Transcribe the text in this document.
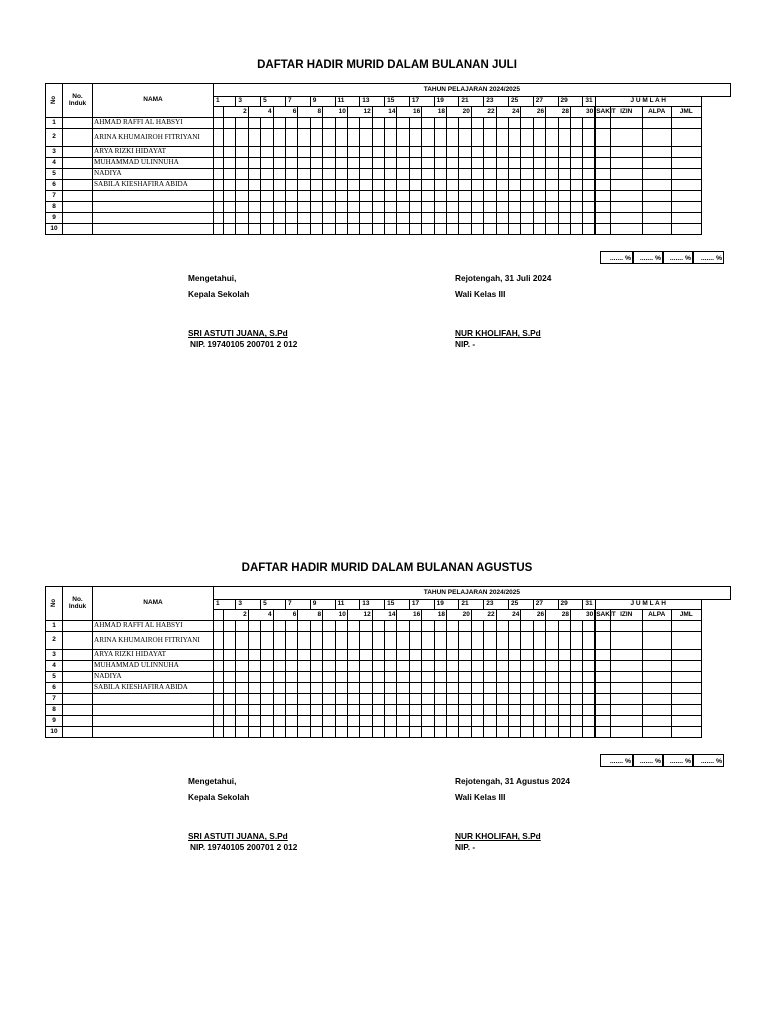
DAFTAR HADIR MURID DALAM BULANAN JULI
No	No. Induk	NAMA	TAHUN PELAJARAN 2024/2025																																		
			1		3		5		7		9		11		13		15		17		19		21		23		25		27		29		31	J U M L A H			
				2		4		6		8		10		12		14		16		18		20		22		24		26		28		30		SAKIT	IZIN	ALPA	JML
1		AHMAD RAFFI AL HABSYI																																			
2		ARINA KHUMAIROH FITRIYANI																																			
3		ARYA RIZKI HIDAYAT																																			
4		MUHAMMAD ULINNUHA																																			
5		NADIYA																																			
6		SABILA KIESHAFIRA ABIDA																																			
7																																					
8																																					
9																																					
10																																					
....... %	....... %	....... %	....... %
Mengetahui,
Kepala Sekolah
SRI ASTUTI JUANA, S.Pd
NIP. 19740105 200701 2 012
Rejotengah, 31 Juli 2024
Wali Kelas III
NUR KHOLIFAH, S.Pd
NIP. -
DAFTAR HADIR MURID DALAM BULANAN AGUSTUS
No	No. Induk	NAMA	TAHUN PELAJARAN 2024/2025																																		
			1		3		5		7		9		11		13		15		17		19		21		23		25		27		29		31	J U M L A H			
				2		4		6		8		10		12		14		16		18		20		22		24		26		28		30		SAKIT	IZIN	ALPA	JML
1		AHMAD RAFFI AL HABSYI																																			
2		ARINA KHUMAIROH FITRIYANI																																			
3		ARYA RIZKI HIDAYAT																																			
4		MUHAMMAD ULINNUHA																																			
5		NADIYA																																			
6		SABILA KIESHAFIRA ABIDA																																			
7																																					
8																																					
9																																					
10																																					
....... %	....... %	....... %	....... %
Mengetahui,
Kepala Sekolah
SRI ASTUTI JUANA, S.Pd
NIP. 19740105 200701 2 012
Rejotengah, 31 Agustus 2024
Wali Kelas III
NUR KHOLIFAH, S.Pd
NIP. -
